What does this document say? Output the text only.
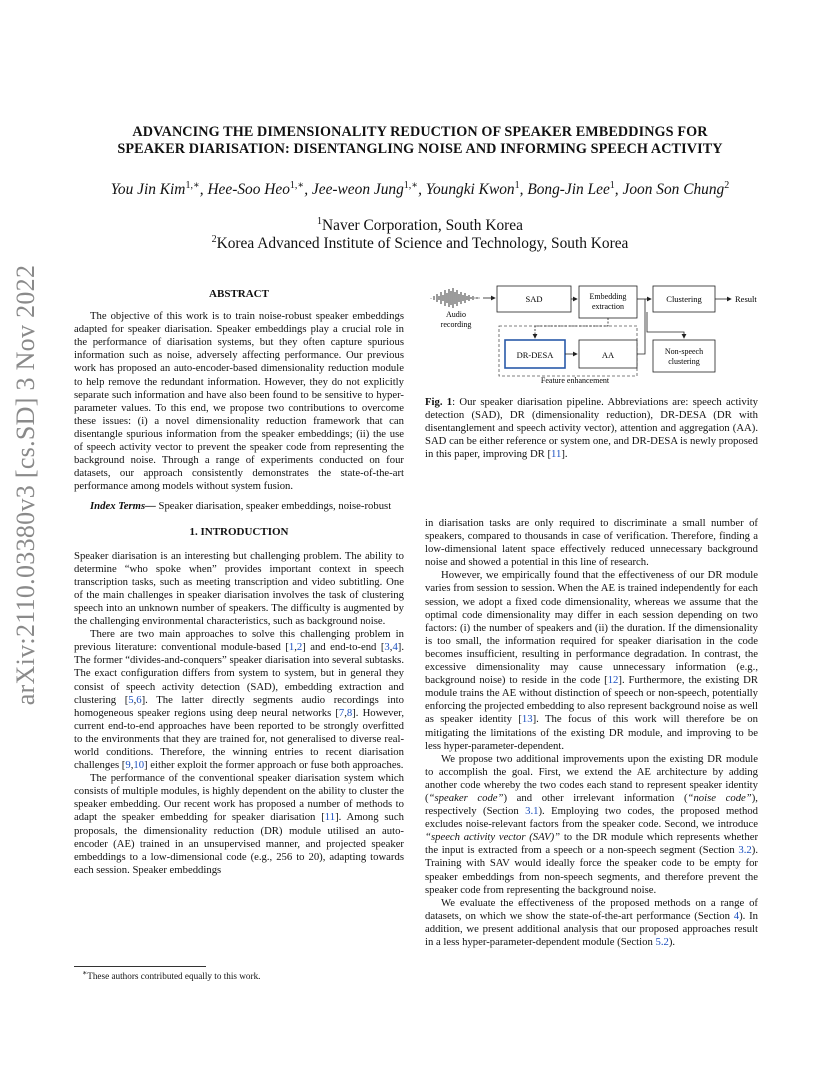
arXiv:2110.03380v3 [cs.SD] 3 Nov 2022
ADVANCING THE DIMENSIONALITY REDUCTION OF SPEAKER EMBEDDINGS FOR
SPEAKER DIARISATION: DISENTANGLING NOISE AND INFORMING SPEECH ACTIVITY
You Jin Kim$^{1,∗}$, Hee-Soo Heo$^{1,∗}$, Jee-weon Jung$^{1,∗}$, Youngki Kwon$^1$, Bong-Jin Lee$^1$, Joon Son Chung$^2$
$^1$Naver Corporation, South Korea
$^2$Korea Advanced Institute of Science and Technology, South Korea
ABSTRACT

The objective of this work is to train noise-robust speaker embeddings adapted for speaker diarisation. Speaker embeddings play a crucial role in the performance of diarisation systems, but they often capture spurious information such as noise, adversely affecting performance. Our previous work has proposed an auto-encoder-based dimensionality reduction module to help remove the redundant information. However, they do not explicitly separate such information and have also been found to be sensitive to hyper-parameter values. To this end, we propose two contributions to overcome these issues: (i) a novel dimensionality reduction framework that can disentangle spurious information from the speaker embeddings; (ii) the use of speech activity vector to prevent the speaker code from representing the background noise. Through a range of experiments conducted on four datasets, our approach consistently demonstrates the state-of-the-art performance among models without system fusion.

Index Terms— Speaker diarisation, speaker embeddings, noise-robust

1. INTRODUCTION

Speaker diarisation is an interesting but challenging problem. The ability to determine “who spoke when” provides important context in speech transcription tasks, such as meeting transcription and video subtitling. One of the main challenges in speaker diarisation involves the task of clustering speech into an unknown number of speakers. The difficulty is augmented by the challenging environmental characteristics, such as background noise.

There are two main approaches to solve this challenging problem in previous literature: conventional module-based [1,2] and end-to-end [3,4]. The former “divides-and-conquers” speaker diarisation into several subtasks. The exact configuration differs from system to system, but in general they consist of speech activity detection (SAD), embedding extraction and clustering [5,6]. The latter directly segments audio recordings into homogeneous speaker regions using deep neural networks [7,8]. However, current end-to-end approaches have been reported to be strongly overfitted to the environments that they are trained for, not generalised to diverse real-world conditions. Therefore, the winning entries to recent diarisation challenges [9,10] either exploit the former approach or fuse both approaches.

The performance of the conventional speaker diarisation system which consists of multiple modules, is highly dependent on the ability to cluster the speaker embedding. Our recent work has proposed a number of methods to adapt the speaker embedding for speaker diarisation [11]. Among such proposals, the dimensionality reduction (DR) module utilised an auto-encoder (AE) trained in an unsupervised manner, and projected speaker embeddings to a low-dimensional code (e.g., 256 to 20), adapting towards each session. Speaker embeddings

∗These authors contributed equally to this work.
Audio
recording
SAD	Embedding
extraction
Clustering	Result
Feature enhancement
DR-DESA	AA	Non-speech
clustering
Fig. 1: Our speaker diarisation pipeline. Abbreviations are: speech activity detection (SAD), DR (dimensionality reduction), DR-DESA (DR with disentanglement and speech activity vector), attention and aggregation (AA). SAD can be either reference or system one, and DR-DESA is newly proposed in this paper, improving DR [11].

in diarisation tasks are only required to discriminate a small number of speakers, compared to thousands in case of verification. Therefore, finding a low-dimensional latent space effectively reduced unnecessary background noise and showed a potential in this line of research.

However, we empirically found that the effectiveness of our DR module varies from session to session. When the AE is trained independently for each session, we adopt a fixed code dimensionality, whereas we assume that the optimal code dimensionality may differ in each session depending on two factors: (i) the number of speakers and (ii) the duration. If the dimensionality is too small, the information required for speaker diarisation in the code becomes insufficient, resulting in performance degradation. In contrast, the excessive dimensionality may cause unnecessary information (e.g., background noise) to reside in the code [12]. Furthermore, the existing DR module trains the AE without distinction of speech or non-speech, potentially enforcing the projected embedding to also represent background noise as well as speaker identity [13]. The focus of this work will therefore be on mitigating the limitations of the existing DR module, and improving to be less hyper-parameter-dependent.

We propose two additional improvements upon the existing DR module to accomplish the goal. First, we extend the AE architecture by adding another code whereby the two codes each stand to represent speaker identity (“speaker code”) and other irrelevant information (“noise code”), respectively (Section 3.1). Employing two codes, the proposed method excludes noise-relevant factors from the speaker code. Second, we introduce “speech activity vector (SAV)” to the DR module which represents whether the input is extracted from a speech or a non-speech segment (Section 3.2). Training with SAV would ideally force the speaker code to be empty for speaker embeddings from non-speech segments, and therefore prevent the speaker code from representing the background noise.

We evaluate the effectiveness of the proposed methods on a range of datasets, on which we show the state-of-the-art performance (Section 4). In addition, we present additional analysis that our proposed approaches result in a less hyper-parameter-dependent module (Section 5.2).
